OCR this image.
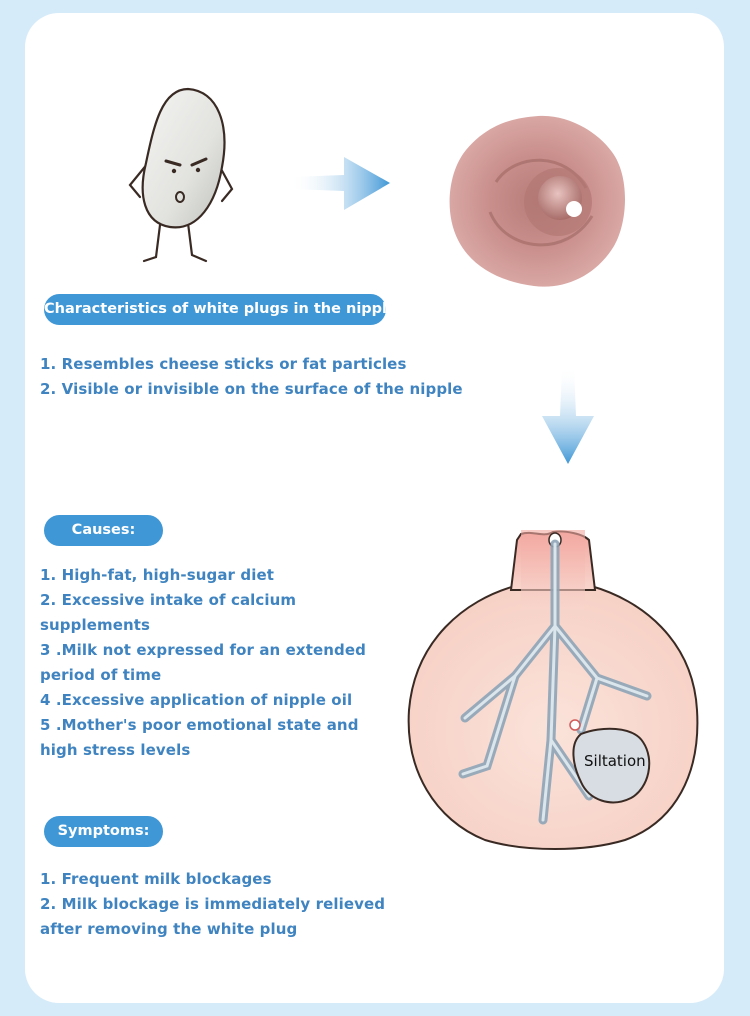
Characteristics of white plugs in the nipple:
1. Resembles cheese sticks or fat particles
2. Visible or invisible on the surface of the nipple
Causes:
1. High-fat, high-sugar diet
2. Excessive intake of calcium supplements
3 .Milk not expressed for an extended period of time
4 .Excessive application of nipple oil
5 .Mother's poor emotional state and high stress levels
Siltation
Symptoms:
1. Frequent milk blockages
2. Milk blockage is immediately relieved after removing the white plug
